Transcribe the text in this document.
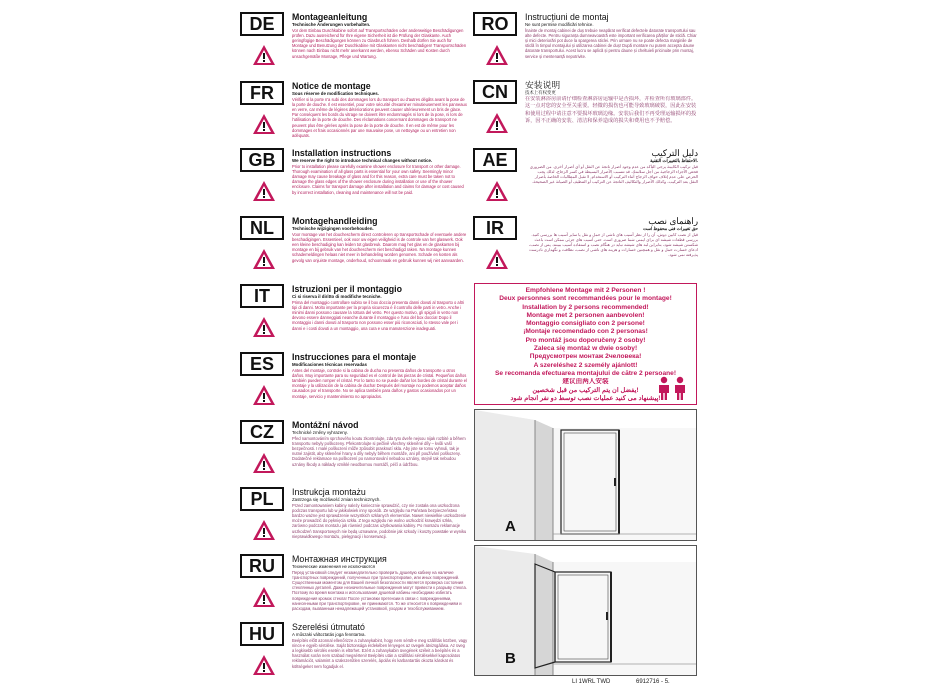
DE	Montageanleitung
Technische Änderungen vorbehalten.
Vor dem Einbau Duschkabine sofort auf Transportschäden oder anderweitige Beschädigungen prüfen. Dazu ausreichend für Ihre eigene Sicherheit ist die Prüfung der Glaskante. Auch geringfügige Beschädigungen können zu Glasbruch führen. Deshalb dürfen Sie auch für Montage und Benutzung der Duschkabine mit Glaskanten nicht beschädigen! Transportschäden können nach Einbau nicht mehr anerkannt werden, ebenso Schäden und Kosten durch unsachgemäße Montage, Pflege und Wartung.
FR	Notice de montage
Sous réserve de modification techniques.
Vérifier si la porte n'a subi des dommages lors du transport ou d'autres dégâts avant la pose de la porte de douche. Il est essentiel, pour votre sécurité d'examiner minutieusement les panneaux en verre, car même de légères détériorations peuvent causer ultérieurement un bris de glace. Par conséquent les bords du vitrage ne doivent être endommagés ni lors de la pose, ni lors de l'utilisation de la porte de douche. Des réclamations concernant dommages de transport ne peuvent plus être gérées après la pose de la porte de douche. Il en est de même pour les dommages et frais occasionnés par une mauvaise pose, un nettoyage ou un entretien non adéquats.
GB	Installation instructions
We reserve the right to introduce technical changes without notice.
Prior to installation please carefully examine shower enclosure for transport or other damage. Thorough examination of all glass parts is essential for your own safety. Seemingly minor damage may cause breakage of glass and for this reason, extra care must be taken not to damage the glass edges of the shower enclosure during installation or use of the shower enclosure. Claims for transport damage after installation and claims for damage or cost caused by incorrect installation, cleaning and maintenance will not be paid.
NL	Montagehandleiding
Technische wijzigingen voorbehouden.
Voor montage van het douchescherm direct controleren op transportschade of eventuele andere beschadigingen. Essentieel, ook voor uw eigen veiligheid is de controle van het glaswerk. Ook een kleine beschadiging kan leiden tot glasbreuk. Daarom mag het glas en de glaskanten bij montage en bij gebruik van het douchescherm niet beschadigd raken. Na montage kunnen schademeldingen helaas niet meer in behandeling worden genomen. Schade en kosten als gevolg van onjuiste montage, onderhoud, schoonmaak en gebruik kunnen wij niet aanvaarden.
IT	Istruzioni per il montaggio
Ci si riserva il diritto di modifiche tecniche.
Prima del montaggio controllare subito se il box doccia presenta danni dovuti al trasporto o altri tipi di danni. Molto importante per la propria sicurezza è il controllo delle parti in vetro. Anche i minimi danni possono causare la rottura del vetro. Per questo motivo, gli spigoli in vetro non devono essere danneggiati neanche durante il montaggio e l'uso del box doccia! Dopo il montaggio i danni dovuti al trasporto non possono esser più riconosciuti, lo stesso vale per i danni e i costi dovuti a un montaggio, una cura e una manutenzione inadeguati.
ES	Instrucciones para el montaje
Modificaciones técnicas reservadas
Antes del montaje, controle si la cabina de ducha no presenta daños de transporte u otros daños. Muy importante para su seguridad es el control de las piezas de cristal. Pequeños daños también pueden romper el cristal. Por lo tanto no se puede dañar los bordes de cristal durante el montaje y la utilización de la cabina de ducha! Después del montaje no podemos aceptar daños causados por el transporte. No se aplica también para daños y gastos ocasionados por un montaje, servicio y mantenimiento no apropiados.
CZ	Montážní návod
Technické změny vyhrazeny.
Před namontováním sprchového koutu zkontrolujte, zda tyto dveře nejsou nijak rozbité a během transportu nebyly poškozeny. Překontrolujte si pečlivě všechny skleněné díly – kvůli vaší bezpečnosti. I malé poškození může způsobit prasknutí skla. Aby jste se tomu vyhnuli, tak je nutné zajistit, aby skleněné hrany a díly nebyly během montáže, ani při používání poškozeny. Dodatečné reklamace na poškození po namontování nebudou uznány, stejně tak nebudou uznány škody a náklady vzniklé neodbornou montáží, péčí a údržbou.
PL	Instrukcja montażu
Zastrzega się możliwość zmian technicznych.
Przed zamontowaniem kabiny należy koniecznie sprawdzić, czy nie została ona uszkodzona podczas transportu lub w jakikolwiek inny sposób. Ze względu na Państwa bezpieczeństwo bardzo ważne jest sprawdzenie wszystkich szklanych elementów. Nawet niewielkie uszkodzenie może prowadzić do pęknięcia szkła. Z tego względu nie wolno uszkodzić krawędzi szkła, zarówno podczas montażu jak również podczas użytkowania kabiny. Po montażu reklamacje uszkodzeń transportowych nie będą uznawane, podobnie jak szkody i koszty powstałe w wyniku nieprawidłowego montażu, pielęgnacji i konserwacji.
RU	Монтажная инструкция
Технические изменения не исключаются
Перед установкой следует незамедлительно проверить душевую кабину на наличие транспортных повреждений, полученных при транспортировке, или иных повреждений. Существенным моментом для Вашей личной безопасности является проверка состояния стеклянных деталей. Даже незначительные повреждения могут привести к разрыву стекла. Поэтому во время монтажа и использования душевой кабины необходимо избегать повреждения кромок стекла! После установки претензии в связи с повреждениями, нанесенными при транспортировке, не принимаются. То же относится к повреждениям и расходам, вызванным ненадлежащей установкой, уходом и техобслуживанием.
HU	Szerelési útmutató
A műszaki változtatás joga fenntartva.
Beépítés előtt azonnal ellenőrizze a zuhanykabint, hogy nem sérült-e meg szállítás közben, vagy nincs-e egyéb sérülése. Saját biztonsága érdekében lényeges az üvegek átvizsgálása. Az üveg a legkisebb sérülés esetén is eltörhet. Ezért a zuhanykabin üvegének széleit a beépítés és a használat során nem szabad megsérteni! Beépítés után a szállítási sérülésekkel kapcsolatos reklamációt, valamint a szakszerűtlen szerelés, ápolás és karbantartás okozta károkat és költségeket nem fogadjuk el.
RO	Instrucțiuni de montaj
Ne sunt permise modificări tehnice.
Înainte de montaj cabinei de duș trebuie neapărat verificat defectele datorate transportului sau alte defecte. Pentru siguranța dumneavoastră este important verificarea părților de sticlă. Chiar și mici deteriorări pot duce la spargerea sticlei. Prin urmare nu se poate defecta marginile de sticlă în timpul montajului și utilizarea cabinei de duș! După montare nu putem accepta daune datorate transportului. Acest lucru se aplică și pentru daune și cheltuieli pricinuite prin montaj, service și mentenanță nepotrivite.
CN	安装说明
技术上有权变更
在安装淋浴房前请仔细检查淋浴房运输中是否损坏，并检查所有玻璃部件。这一点对您的安全至关重要。轻微的损伤也可能导致玻璃破裂，因此在安装和使用过程中请注意不要损坏玻璃边缘。安装后我们不再受理运输损坏的投诉，因不正确的安装、清洁和保养造成的损失和费用也不予赔偿。
AE	دليل التركيب
الاحتفاظ بالتغييرات التقنية.
قبل تركيب الكابينة يرجى التأكد من عدم وجود أضرار ناتجة عن النقل أو أي أضرار أخرى. من الضروري فحص الأجزاء الزجاجية من أجل سلامتك. قد تتسبب الأضرار البسيطة في كسر الزجاج، لذلك يجب الحرص على عدم إتلاف حواف الزجاج أثناء التركيب أو الاستخدام. لا تقبل المطالبات الخاصة بأضرار النقل بعد التركيب، وكذلك الأضرار والتكاليف الناتجة عن التركيب أو التنظيف أو الصيانة غير الصحيحة.
IR	راهنمای نصب
حق تغییرات فنی محفوظ است
قبل از نصب کابین دوش، آن را از نظر آسیب های ناشی از حمل و نقل یا سایر آسیب ها بررسی کنید. بررسی قطعات شیشه ای برای ایمنی شما ضروری است. حتی آسیب های جزئی ممکن است باعث شکستن شیشه شود، بنابراین لبه های شیشه نباید در هنگام نصب و استفاده آسیب ببینند. پس از نصب، ادعای خسارت حمل و نقل و همچنین خسارات و هزینه های ناشی از نصب، نظافت و نگهداری نادرست پذیرفته نمی شود.
Empfohlene Montage mit 2 Personen !
Deux personnes sont recommandées pour le montage!
Installation by 2 persons recommended!
Montage met 2 personen aanbevolen!
Montaggio consigliato con 2 persone!
¡Montaje recomendado con 2 personas!
Pro montáž jsou doporučeny 2 osoby!
Zaleca się montaż w dwie osoby!
Предусмотрен монтаж 2человека!
A szereléshez 2 személy ajánlott!
Se recomanda efectuarea montajului de către 2 persoane!
建议由两人安装
يفضل ان يتم التركيب من قبل شخصين!
پیشنهاد می کنید عملیات نصب توسط دو نفر انجام شود!
A
B
LI 1WRL TWD	6912716 - 5.
